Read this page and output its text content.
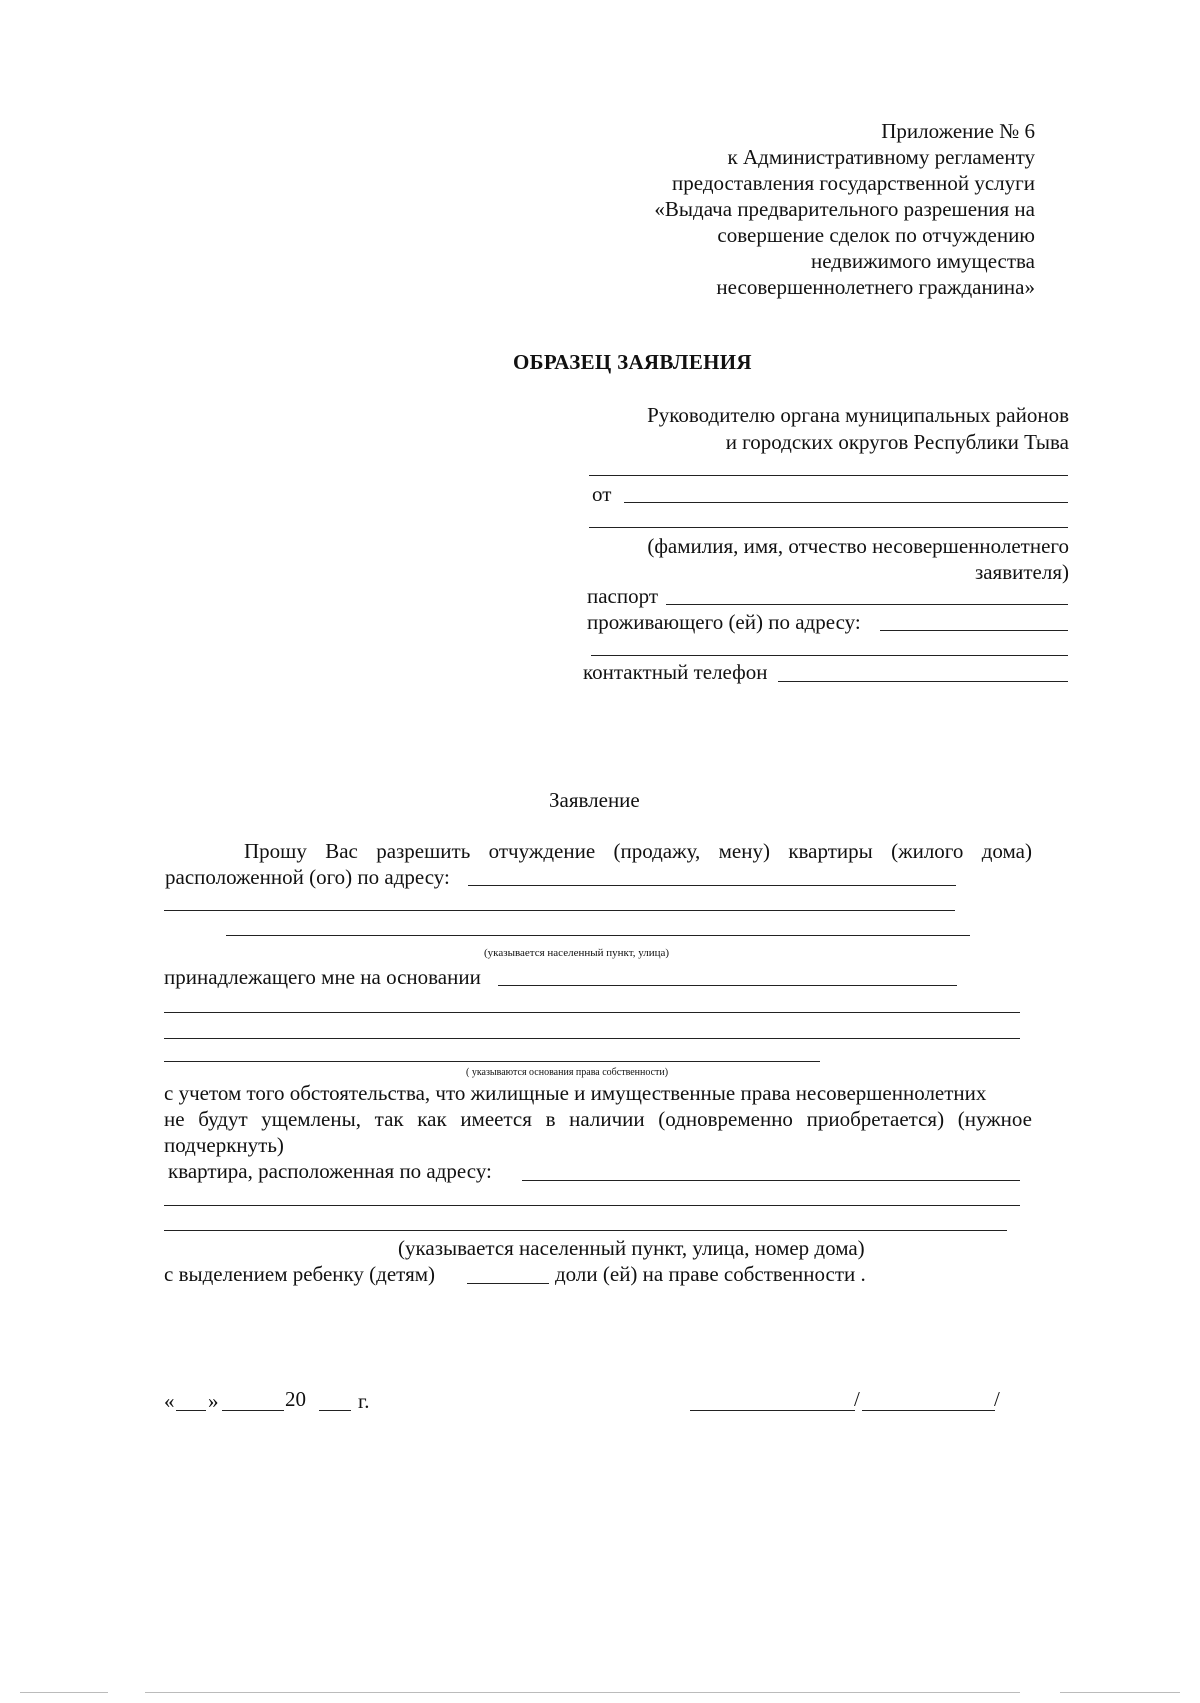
Приложение № 6
к Административному регламенту
предоставления государственной услуги
«Выдача предварительного разрешения на
совершение сделок по отчуждению
недвижимого имущества
несовершеннолетнего гражданина»
ОБРАЗЕЦ ЗАЯВЛЕНИЯ
Руководителю органа муниципальных районов
и городских округов Республики Тыва
от
(фамилия, имя, отчество несовершеннолетнего
заявителя)
паспорт
проживающего (ей) по адресу:
контактный телефон
Заявление
Прошу Вас разрешить отчуждение (продажу, мену) квартиры (жилого дома)
расположенной (ого) по адресу:
(указывается населенный пункт, улица)
принадлежащего мне на основании
( указываются основания права собственности)
с учетом того обстоятельства, что жилищные и имущественные права несовершеннолетних
не будут ущемлены, так как имеется в наличии (одновременно приобретается) (нужное
подчеркнуть)
квартира, расположенная по адресу:
(указывается населенный пункт, улица, номер дома)
с выделением ребенку (детям)	доли (ей) на праве собственности .
« »	20 г.	/	/
